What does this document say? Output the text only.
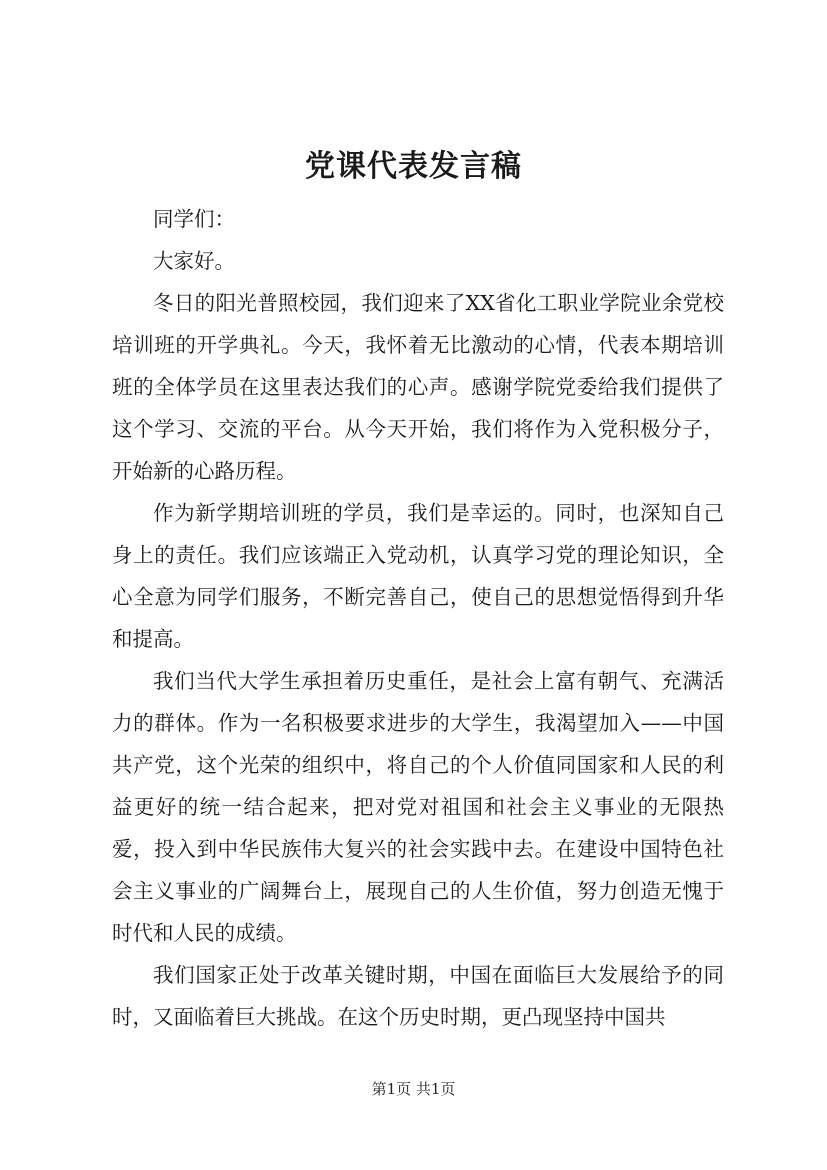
党课代表发言稿

同学们：

大家好。

冬日的阳光普照校园，我们迎来了XX省化工职业学院业余党校培训班的开学典礼。今天，我怀着无比激动的心情，代表本期培训班的全体学员在这里表达我们的心声。感谢学院党委给我们提供了这个学习、交流的平台。从今天开始，我们将作为入党积极分子，开始新的心路历程。

作为新学期培训班的学员，我们是幸运的。同时，也深知自己身上的责任。我们应该端正入党动机，认真学习党的理论知识，全心全意为同学们服务，不断完善自己，使自己的思想觉悟得到升华和提高。

我们当代大学生承担着历史重任，是社会上富有朝气、充满活力的群体。作为一名积极要求进步的大学生，我渴望加入——中国共产党，这个光荣的组织中，将自己的个人价值同国家和人民的利益更好的统一结合起来，把对党对祖国和社会主义事业的无限热爱，投入到中华民族伟大复兴的社会实践中去。在建设中国特色社会主义事业的广阔舞台上，展现自己的人生价值，努力创造无愧于时代和人民的成绩。

我们国家正处于改革关键时期，中国在面临巨大发展给予的同时，又面临着巨大挑战。在这个历史时期，更凸现坚持中国共

第1页 共1页
